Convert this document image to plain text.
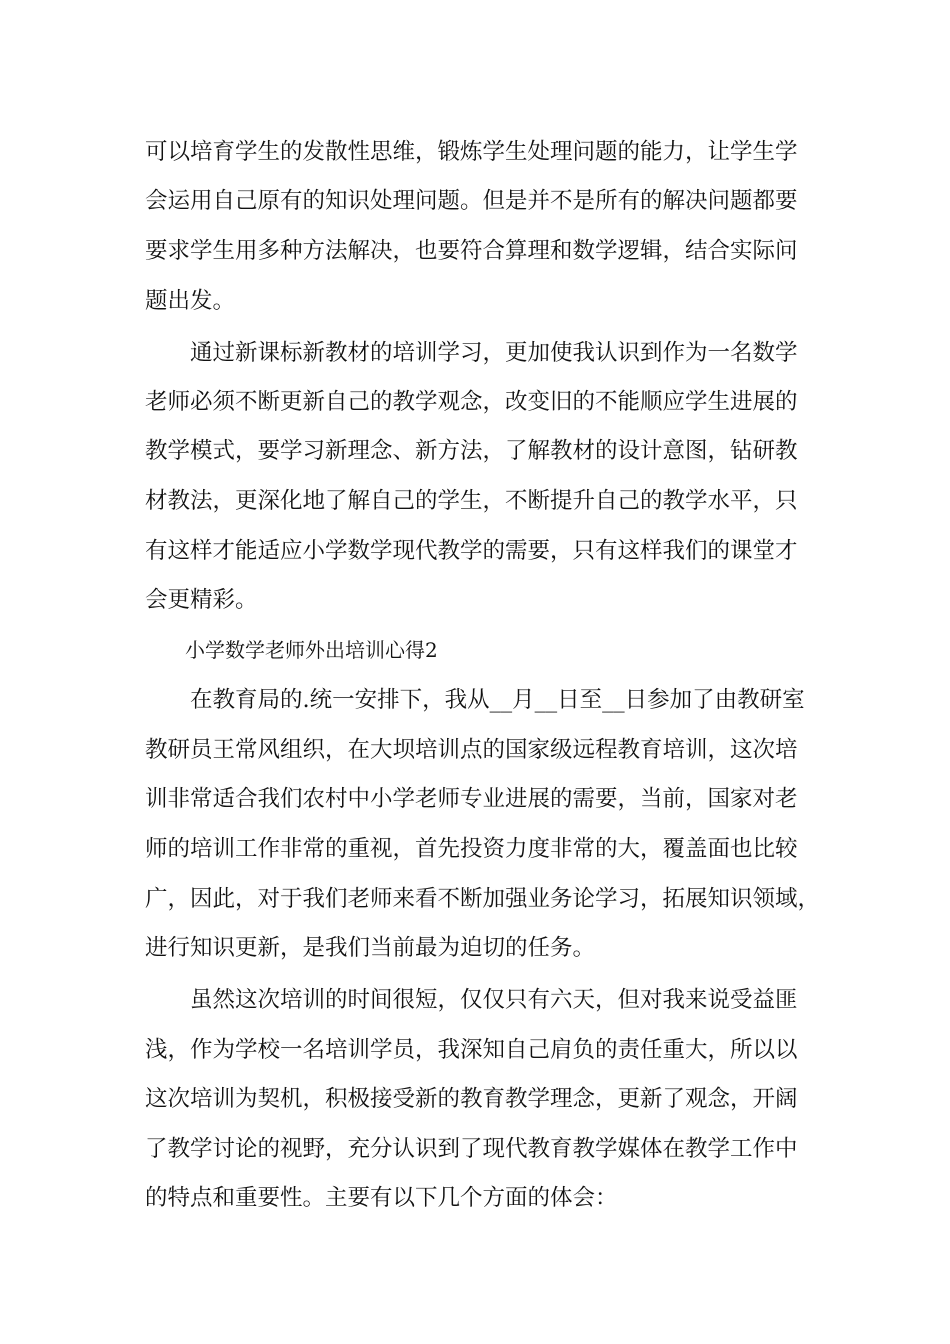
可以培育学生的发散性思维，锻炼学生处理问题的能力，让学生学
会运用自己原有的知识处理问题。但是并不是所有的解决问题都要
要求学生用多种方法解决，也要符合算理和数学逻辑，结合实际问
题出发。
　　通过新课标新教材的培训学习，更加使我认识到作为一名数学
老师必须不断更新自己的教学观念，改变旧的不能顺应学生进展的
教学模式，要学习新理念、新方法，了解教材的设计意图，钻研教
材教法，更深化地了解自己的学生，不断提升自己的教学水平，只
有这样才能适应小学数学现代教学的需要，只有这样我们的课堂才
会更精彩。
　　小学数学老师外出培训心得2
　　在教育局的.统一安排下，我从__月__日至__日参加了由教研室
教研员王常风组织，在大坝培训点的国家级远程教育培训，这次培
训非常适合我们农村中小学老师专业进展的需要，当前，国家对老
师的培训工作非常的重视，首先投资力度非常的大，覆盖面也比较
广，因此，对于我们老师来看不断加强业务论学习，拓展知识领域，
进行知识更新，是我们当前最为迫切的任务。
　　虽然这次培训的时间很短，仅仅只有六天，但对我来说受益匪
浅，作为学校一名培训学员，我深知自己肩负的责任重大，所以以
这次培训为契机，积极接受新的教育教学理念，更新了观念，开阔
了教学讨论的视野，充分认识到了现代教育教学媒体在教学工作中
的特点和重要性。主要有以下几个方面的体会：
